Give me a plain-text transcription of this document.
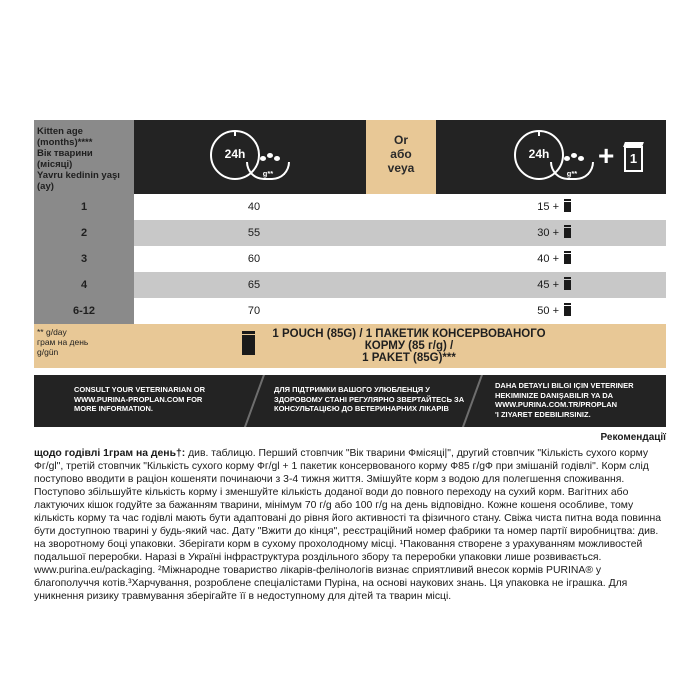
Kitten age
(months)****
Вік тварини
(місяці)
Yavru kedinin yaşı
(ay)
24h
g**
Or
або
veya
24h
g**
+ 1
1	40	15 +
2	55	30 +
3	60	40 +
4	65	45 +
6-12	70	50 +
** g/day
грам на день
g/gün
1 POUCH (85G) / 1 ПАКЕТИК КОНСЕРВОВАНОГО КОРМУ (85 г/g) /
1 PAKET (85G)***
CONSULT YOUR VETERINARIAN OR
WWW.PURINA-PROPLAN.COM FOR
MORE INFORMATION.
ДЛЯ ПІДТРИМКИ ВАШОГО УЛЮБЛЕНЦЯ У
ЗДОРОВОМУ СТАНІ РЕГУЛЯРНО ЗВЕРТАЙТЕСЬ ЗА
КОНСУЛЬТАЦІЄЮ ДО ВЕТЕРИНАРНИХ ЛІКАРІВ
DAHA DETAYLI BILGI IÇIN VETERINER
HEKIMINIZE DANIŞABILIR YA DA
WWW.PURINA.COM.TR/PROPLAN
'I ZIYARET EDEBILIRSINIZ.
Рекомендації
щодо годівлі 1грам на день†: див. таблицю. Перший стовпчик "Вік тварини Фмісяці|", другий стовпчик "Кількість сухого корму Фг/gl", третій стовпчик "Кількість сухого корму Фг/gl + 1 пакетик консервованого корму Ф85 г/gФ при змішаній годівлі". Корм слід поступово вводити в раціон кошеняти починаючи з 3-4 тижня життя. Змішуйте корм з водою для полегшення споживання. Поступово збільшуйте кількість корму і зменшуйте кількість доданої води до повного переходу на сухий корм. Вагітних або лактуючих кішок годуйте за бажанням тварини, мінімум 70 г/g або 100 г/g на день відповідно. Кожне кошеня особливе, тому кількість корму та час годівлі мають бути адаптовані до рівня його активності та фізичного стану. Свіжа чиста питна вода повинна бути доступною тварині у будь-який час. Дату "Вжити до кінця", реєстраційний номер фабрики та номер партії виробництва: див. на зворотному боці упаковки. Зберігати корм в сухому прохолодному місці. ¹Паковання створене з урахуванням можливостей подальшої переробки. Наразі в Україні інфраструктура роздільного збору та переробки упаковки лише розвивається. www.purina.eu/packaging. ²Міжнародне товариство лікарів-фелінологів визнає сприятливий внесок кормів PURINA® у благополуччя котів.³Харчування, розроблене спеціалістами Пуріна, на основі наукових знань. Ця упаковка не іграшка. Для уникнення ризику травмування зберігайте її в недоступному для дітей та тварин місці.
